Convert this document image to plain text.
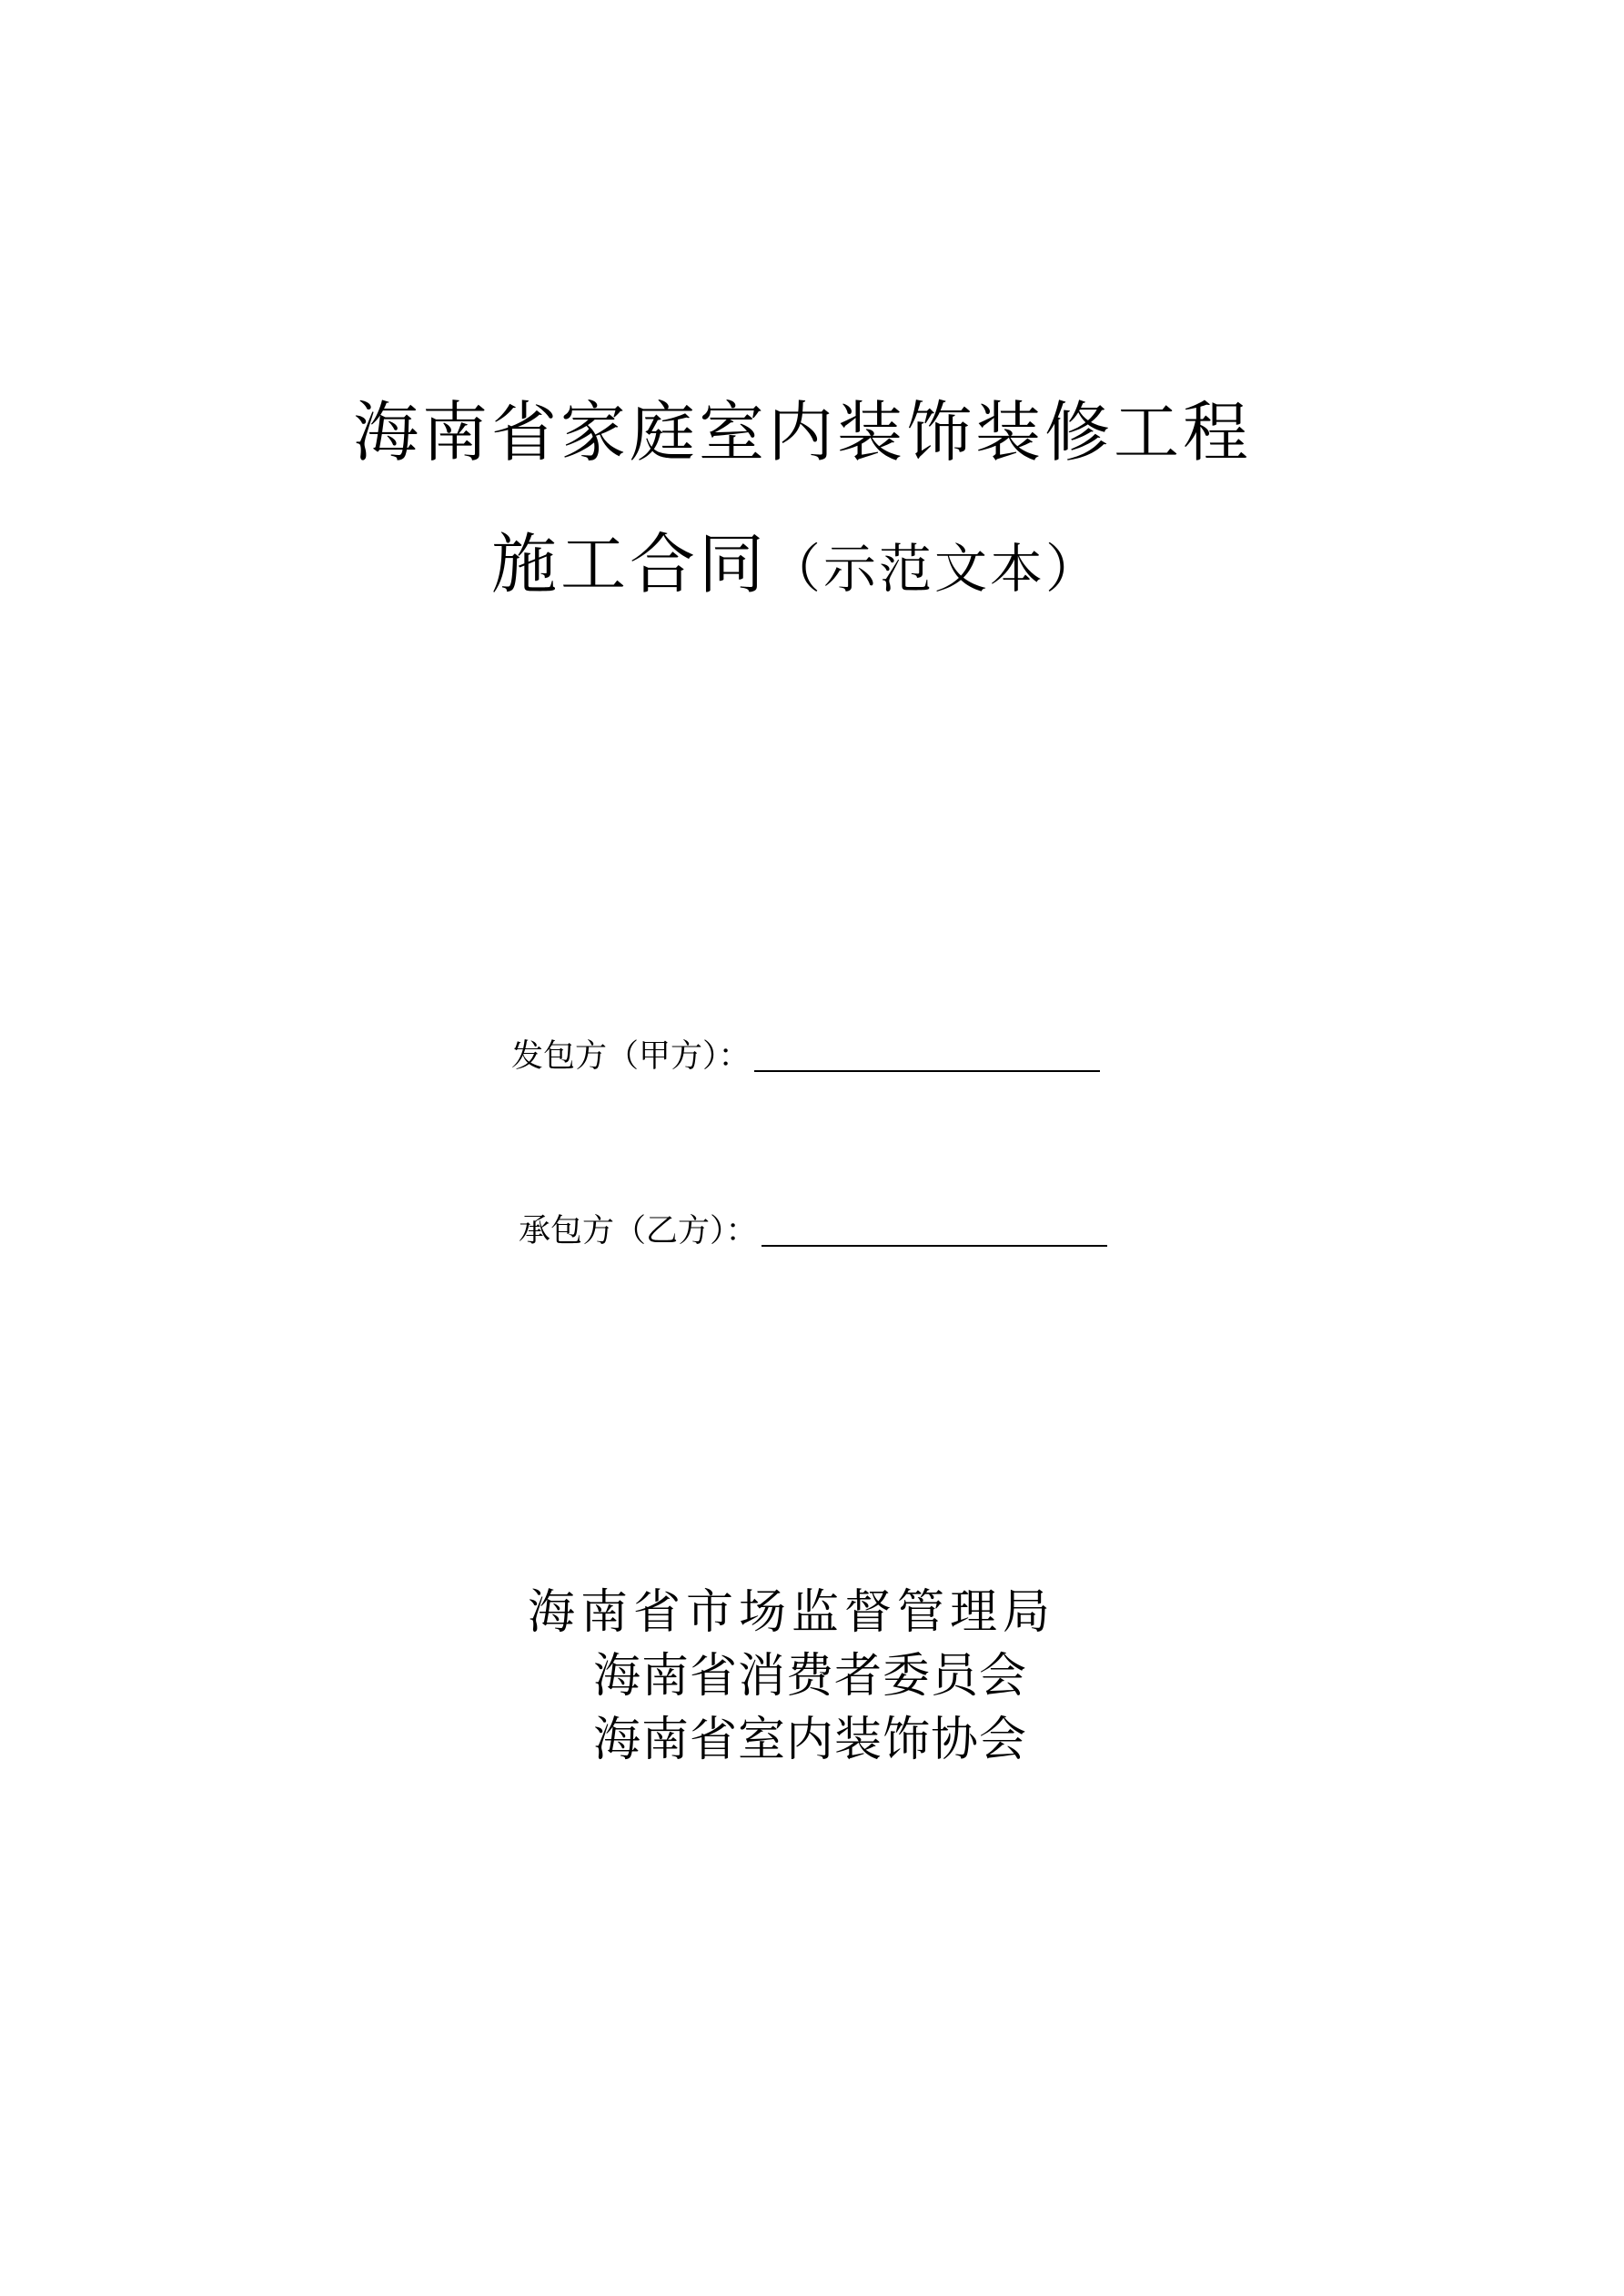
海南省家庭室内装饰装修工程
施工合同（示范文本）
发包方（甲方）：
承包方（乙方）：
海南省市场监督管理局
海南省消费者委员会
海南省室内装饰协会
